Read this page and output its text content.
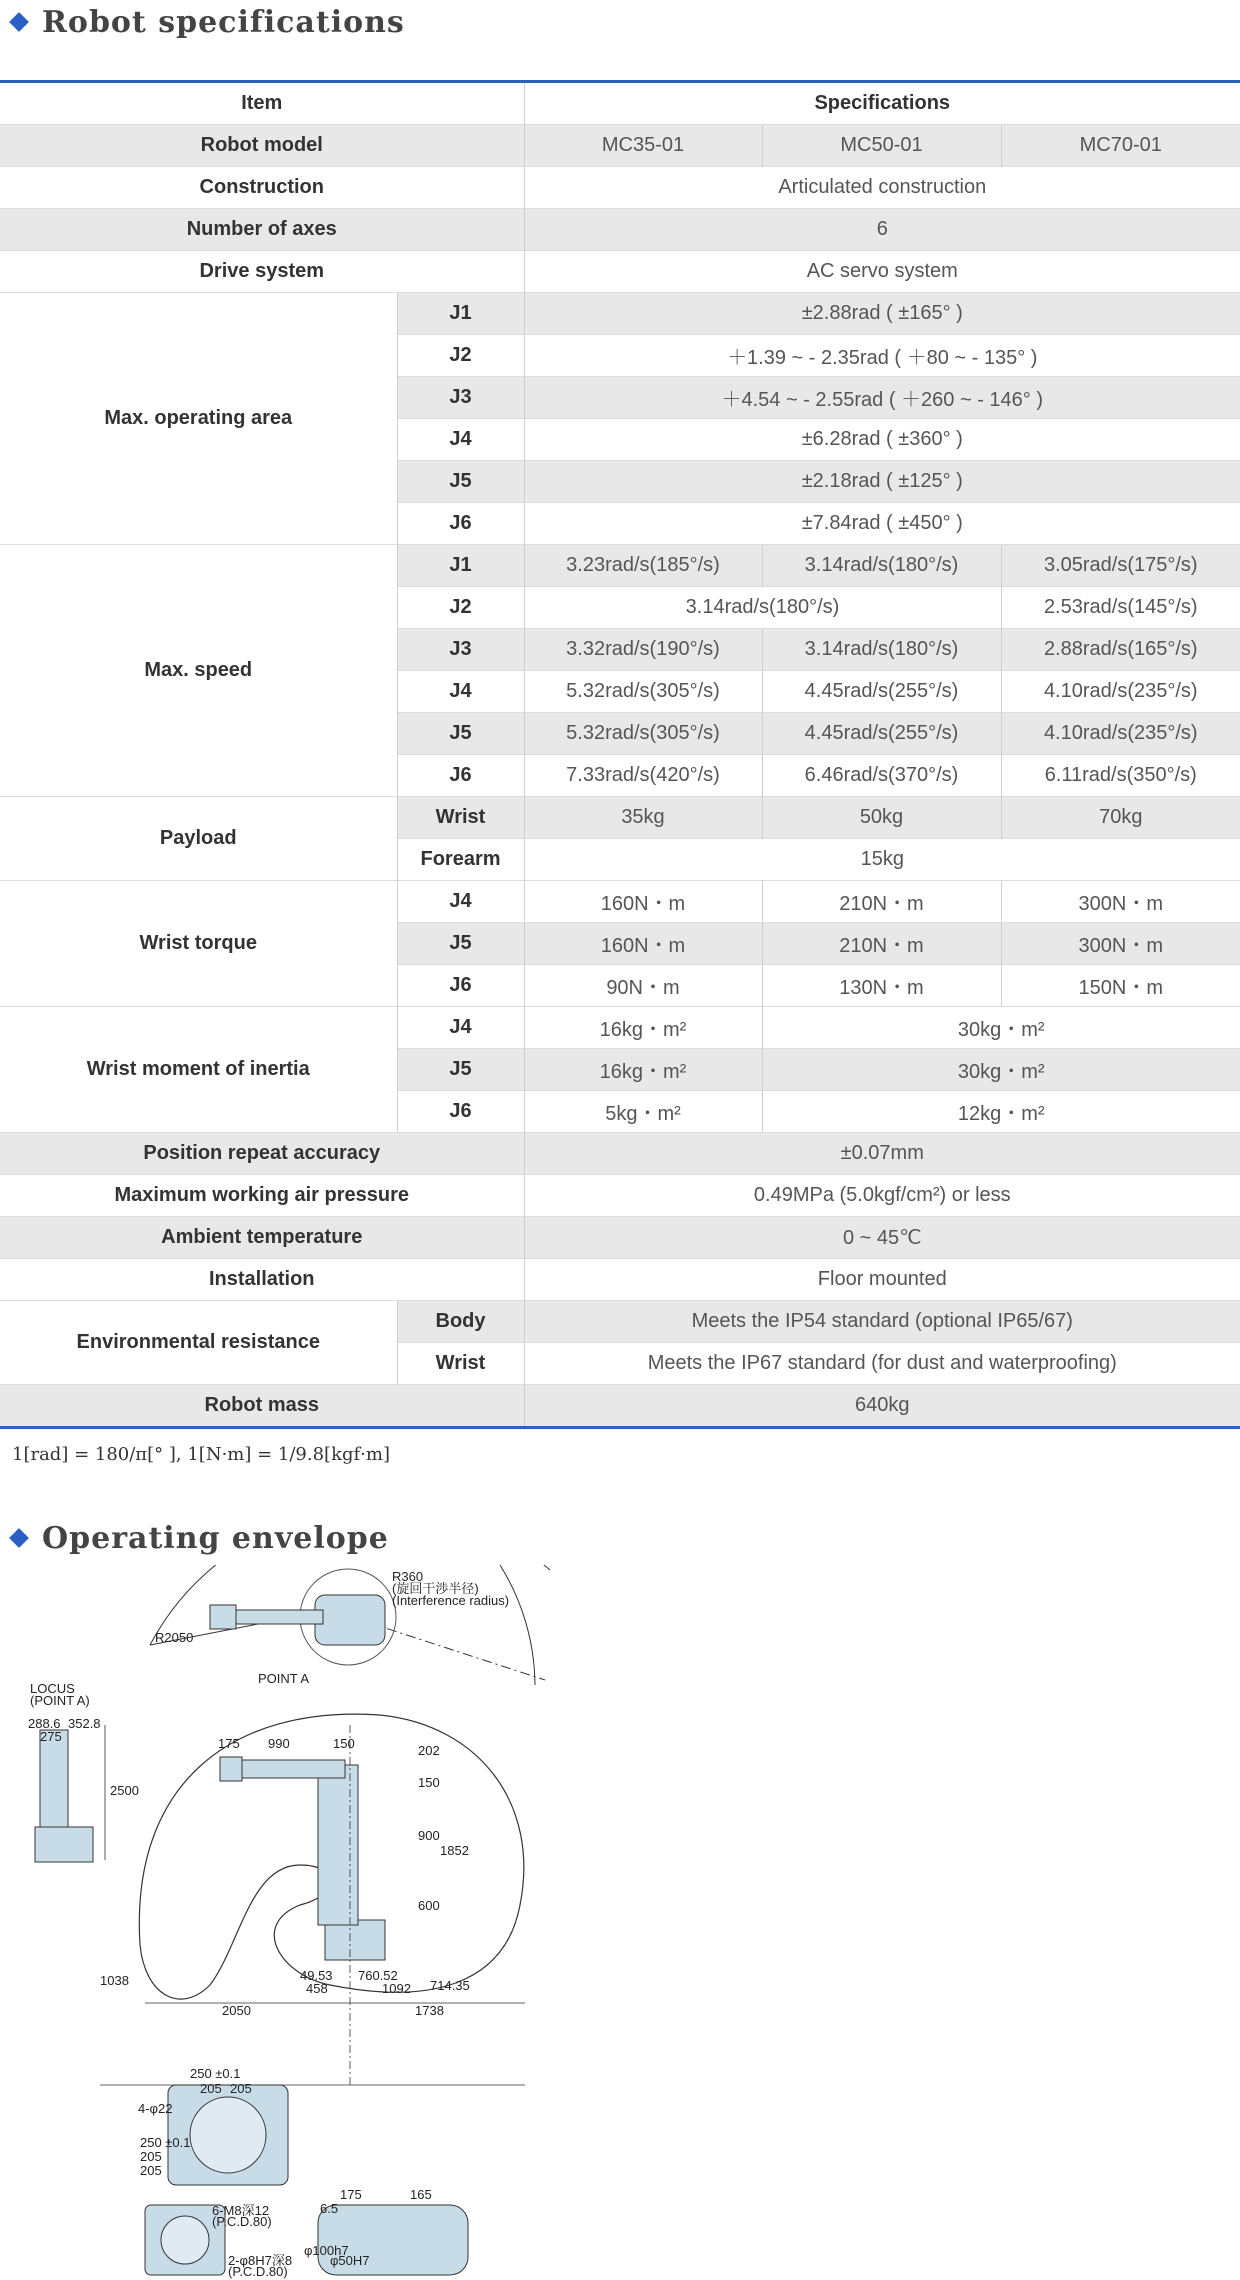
Robot specifications
Item		Specifications		
Robot model		MC35-01	MC50-01	MC70-01
Construction		Articulated construction		
Number of axes		6		
Drive system		AC servo system		
Max. operating area	J1	±2.88rad ( ±165° )		
	J2	＋1.39 ~ - 2.35rad ( ＋80 ~ - 135° )		
	J3	＋4.54 ~ - 2.55rad ( ＋260 ~ - 146° )		
	J4	±6.28rad ( ±360° )		
	J5	±2.18rad ( ±125° )		
	J6	±7.84rad ( ±450° )		
Max. speed	J1	3.23rad/s(185°/s)	3.14rad/s(180°/s)	3.05rad/s(175°/s)
	J2	3.14rad/s(180°/s)		2.53rad/s(145°/s)
	J3	3.32rad/s(190°/s)	3.14rad/s(180°/s)	2.88rad/s(165°/s)
	J4	5.32rad/s(305°/s)	4.45rad/s(255°/s)	4.10rad/s(235°/s)
	J5	5.32rad/s(305°/s)	4.45rad/s(255°/s)	4.10rad/s(235°/s)
	J6	7.33rad/s(420°/s)	6.46rad/s(370°/s)	6.11rad/s(350°/s)
Payload	Wrist	35kg	50kg	70kg
	Forearm	15kg		
Wrist torque	J4	160N・m	210N・m	300N・m
	J5	160N・m	210N・m	300N・m
	J6	90N・m	130N・m	150N・m
Wrist moment of inertia	J4	16kg・m²	30kg・m²	
	J5	16kg・m²	30kg・m²	
	J6	5kg・m²	12kg・m²	
Position repeat accuracy		±0.07mm		
Maximum working air pressure		0.49MPa (5.0kgf/cm²) or less		
Ambient temperature		0 ~ 45℃		
Installation		Floor mounted		
Environmental resistance	Body	Meets the IP54 standard (optional IP65/67)		
	Wrist	Meets the IP67 standard (for dust and waterproofing)		
Robot mass		640kg		
1[rad] = 180/π[° ], 1[N·m] = 1/9.8[kgf·m]
Operating envelope
R360
(旋回干渉半径)
(Interference radius)
R2050
POINT A
LOCUS
(POINT A)
288.6 352.8
275
2500
175 990	150	202
150
900
1852
600
49.53
458
760.52
1092 714.35
1038
2050	1738
250 ±0.1
205 205
4-φ22
250 ±0.1
205
205
6-M8深12
(P.C.D.80)
2-φ8H7深8
(P.C.D.80)
175	165
6.5
φ100h7
φ50H7
